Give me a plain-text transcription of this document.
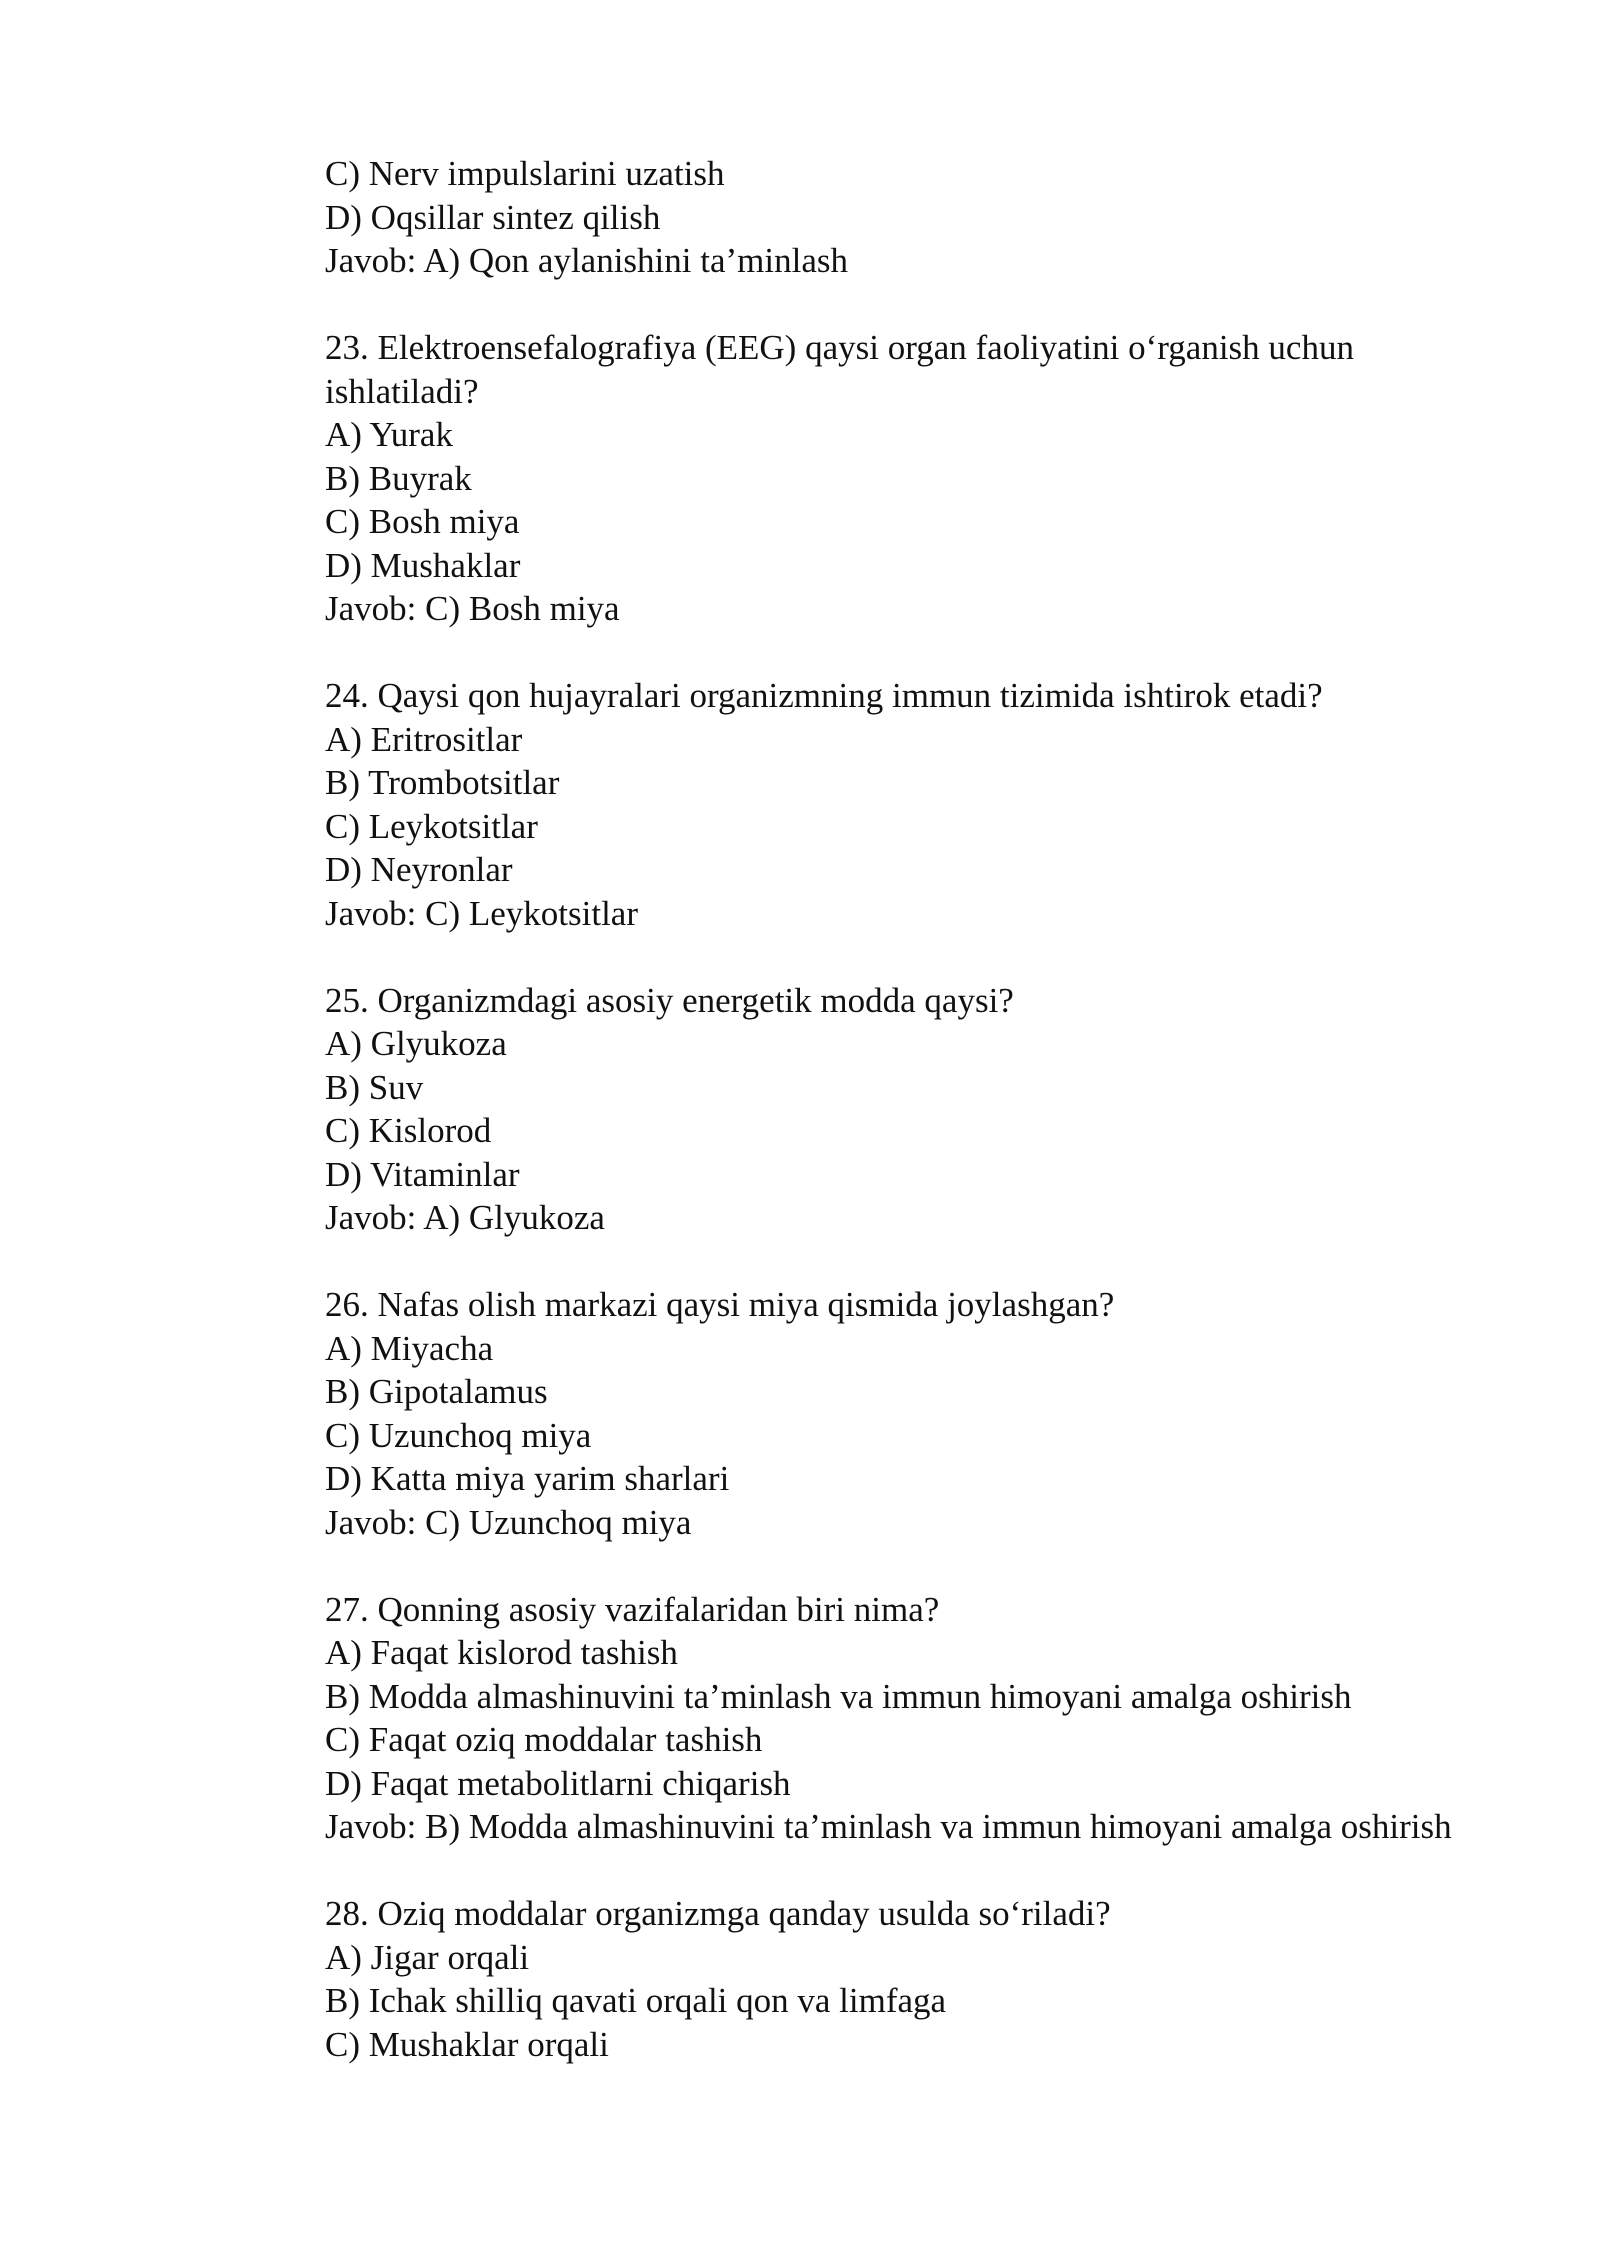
C) Nerv impulslarini uzatish

D) Oqsillar sintez qilish

Javob: A) Qon aylanishini ta’minlash

23. Elektroensefalografiya (EEG) qaysi organ faoliyatini o‘rganish uchun ishlatiladi?

A) Yurak

B) Buyrak

C) Bosh miya

D) Mushaklar

Javob: C) Bosh miya

24. Qaysi qon hujayralari organizmning immun tizimida ishtirok etadi?

A) Eritrositlar

B) Trombotsitlar

C) Leykotsitlar

D) Neyronlar

Javob: C) Leykotsitlar

25. Organizmdagi asosiy energetik modda qaysi?

A) Glyukoza

B) Suv

C) Kislorod

D) Vitaminlar

Javob: A) Glyukoza

26. Nafas olish markazi qaysi miya qismida joylashgan?

A) Miyacha

B) Gipotalamus

C) Uzunchoq miya

D) Katta miya yarim sharlari

Javob: C) Uzunchoq miya

27. Qonning asosiy vazifalaridan biri nima?

A) Faqat kislorod tashish

B) Modda almashinuvini ta’minlash va immun himoyani amalga oshirish

C) Faqat oziq moddalar tashish

D) Faqat metabolitlarni chiqarish

Javob: B) Modda almashinuvini ta’minlash va immun himoyani amalga oshirish

28. Oziq moddalar organizmga qanday usulda so‘riladi?

A) Jigar orqali

B) Ichak shilliq qavati orqali qon va limfaga

C) Mushaklar orqali
